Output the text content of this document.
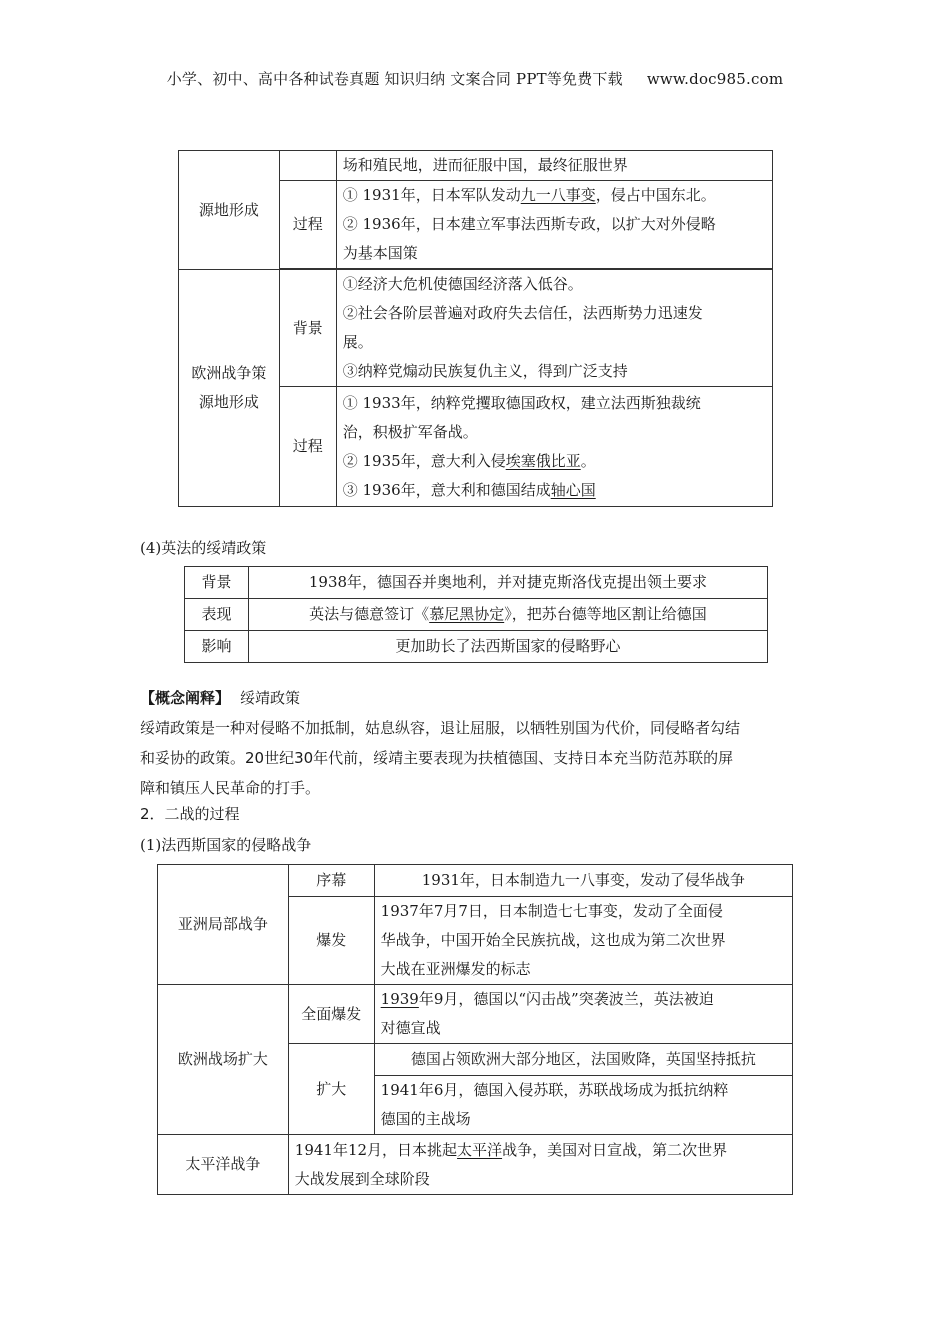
小学、初中、高中各种试卷真题 知识归纳 文案合同 PPT等免费下载 www.doc985.com
源地形成		场和殖民地，进而征服中国，最终征服世界
	过程	① 1931年，日本军队发动九一八事变，侵占中国东北。
② 1936年，日本建立军事法西斯专政，以扩大对外侵略
为基本国策

欧洲战争策
源地形成	背景	①经济大危机使德国经济落入低谷。
②社会各阶层普遍对政府失去信任，法西斯势力迅速发
展。
③纳粹党煽动民族复仇主义，得到广泛支持

	过程	① 1933年，纳粹党攫取德国政权，建立法西斯独裁统
治，积极扩军备战。
② 1935年，意大利入侵埃塞俄比亚。
③ 1936年，意大利和德国结成轴心国
(4)英法的绥靖政策
背景	1938年，德国吞并奥地利，并对捷克斯洛伐克提出领土要求
表现	英法与德意签订《慕尼黑协定》，把苏台德等地区割让给德国
影响	更加助长了法西斯国家的侵略野心
【概念阐释】 绥靖政策
绥靖政策是一种对侵略不加抵制，姑息纵容，退让屈服，以牺牲别国为代价，同侵略者勾结
和妥协的政策。20世纪30年代前，绥靖主要表现为扶植德国、支持日本充当防范苏联的屏
障和镇压人民革命的打手。
2．二战的过程
(1)法西斯国家的侵略战争
亚洲局部战争	序幕	1931年，日本制造九一八事变，发动了侵华战争
	爆发	1937年7月7日，日本制造七七事变，发动了全面侵
华战争，中国开始全民族抗战，这也成为第二次世界
大战在亚洲爆发的标志

欧洲战场扩大	全面爆发	1939年9月，德国以“闪击战”突袭波兰，英法被迫
对德宣战

	扩大	德国占领欧洲大部分地区，法国败降，英国坚持抵抗

		1941年6月，德国入侵苏联，苏联战场成为抵抗纳粹
德国的主战场

太平洋战争	1941年12月，日本挑起太平洋战争，美国对日宣战，第二次世界
大战发展到全球阶段	
